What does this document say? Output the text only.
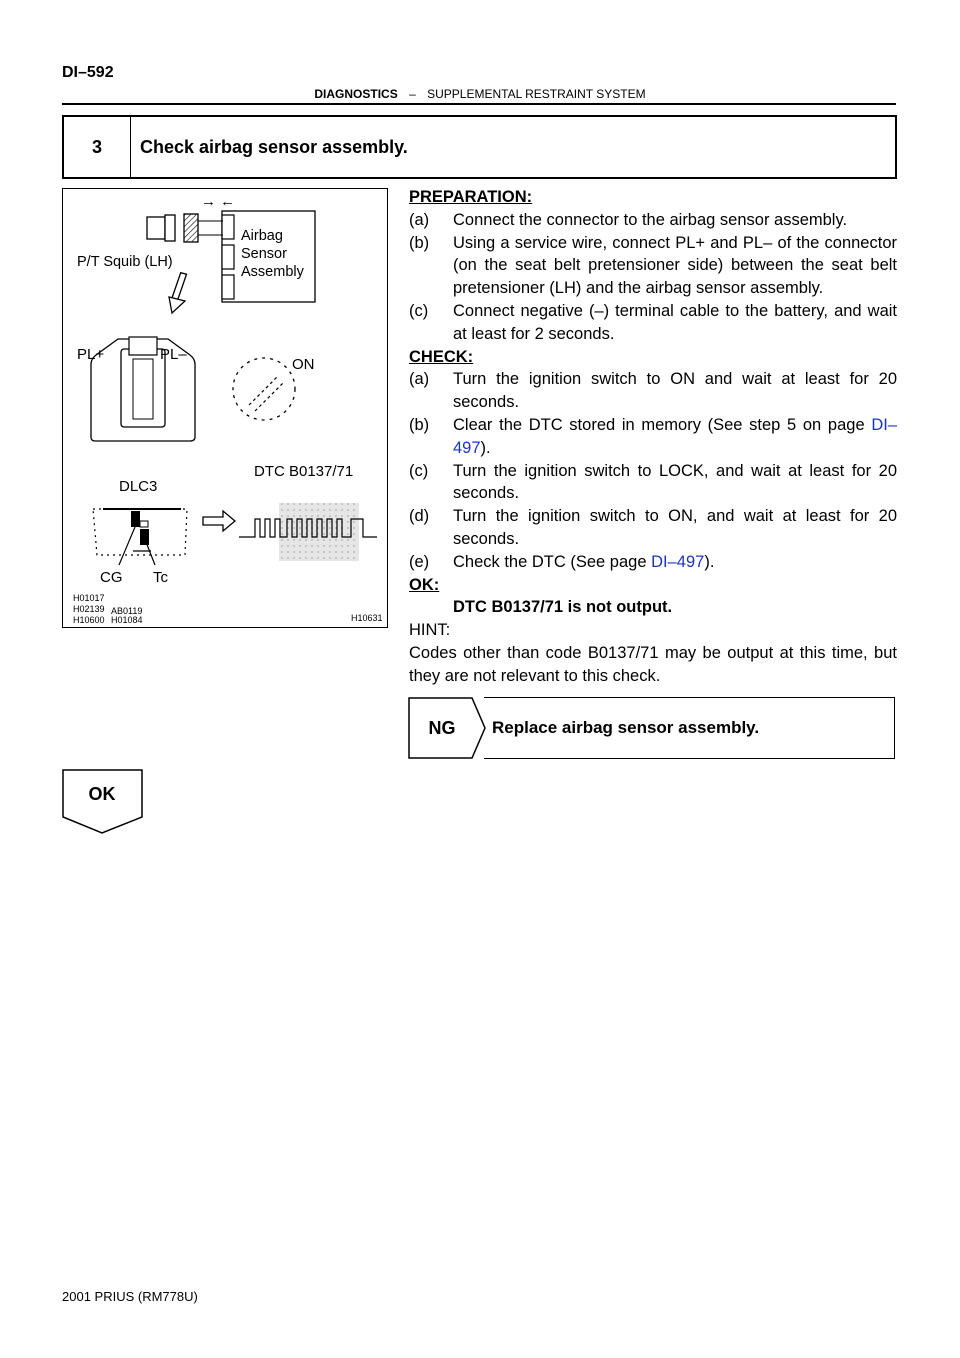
DI–592
DIAGNOSTICS – SUPPLEMENTAL RESTRAINT SYSTEM
3	Check airbag sensor assembly.
→ ←
Airbag Sensor Assembly
P/T Squib (LH)
PL+	PL–
ON
DLC3
CG Tc
DTC B0137/71
H01017
H02139
H10600
AB0119
H01084	H10631
PREPARATION:
(a) Connect the connector to the airbag sensor assembly.
(b) Using a service wire, connect PL+ and PL– of the connector (on the seat belt pretensioner side) between the seat belt pretensioner (LH) and the airbag sensor assembly.
(c) Connect negative (–) terminal cable to the battery, and wait at least for 2 seconds.
CHECK:
(a) Turn the ignition switch to ON and wait at least for 20 seconds.
(b) Clear the DTC stored in memory (See step 5 on page DI–497).
(c) Turn the ignition switch to LOCK, and wait at least for 20 seconds.
(d) Turn the ignition switch to ON, and wait at least for 20 seconds.
(e) Check the DTC (See page DI–497).
OK:
DTC B0137/71 is not output.
HINT:
Codes other than code B0137/71 may be output at this time, but they are not relevant to this check.
NG	Replace airbag sensor assembly.
OK
2001 PRIUS (RM778U)
